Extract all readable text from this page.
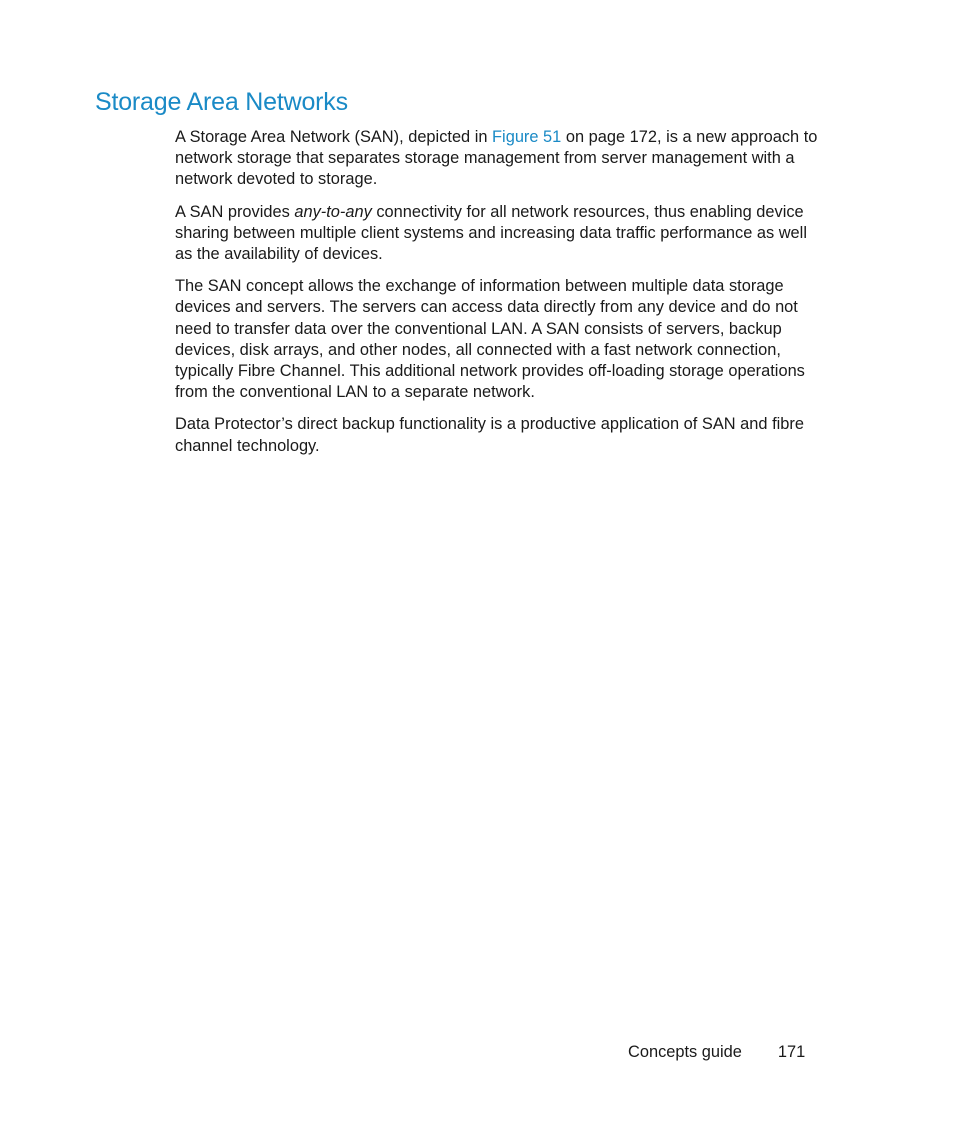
Storage Area Networks

A Storage Area Network (SAN), depicted in Figure 51 on page 172, is a new approach to network storage that separates storage management from server management with a network devoted to storage.

A SAN provides any-to-any connectivity for all network resources, thus enabling device sharing between multiple client systems and increasing data traffic performance as well as the availability of devices.

The SAN concept allows the exchange of information between multiple data storage devices and servers. The servers can access data directly from any device and do not need to transfer data over the conventional LAN. A SAN consists of servers, backup devices, disk arrays, and other nodes, all connected with a fast network connection, typically Fibre Channel. This additional network provides off-loading storage operations from the conventional LAN to a separate network.

Data Protector’s direct backup functionality is a productive application of SAN and fibre channel technology.

Concepts guide 171
